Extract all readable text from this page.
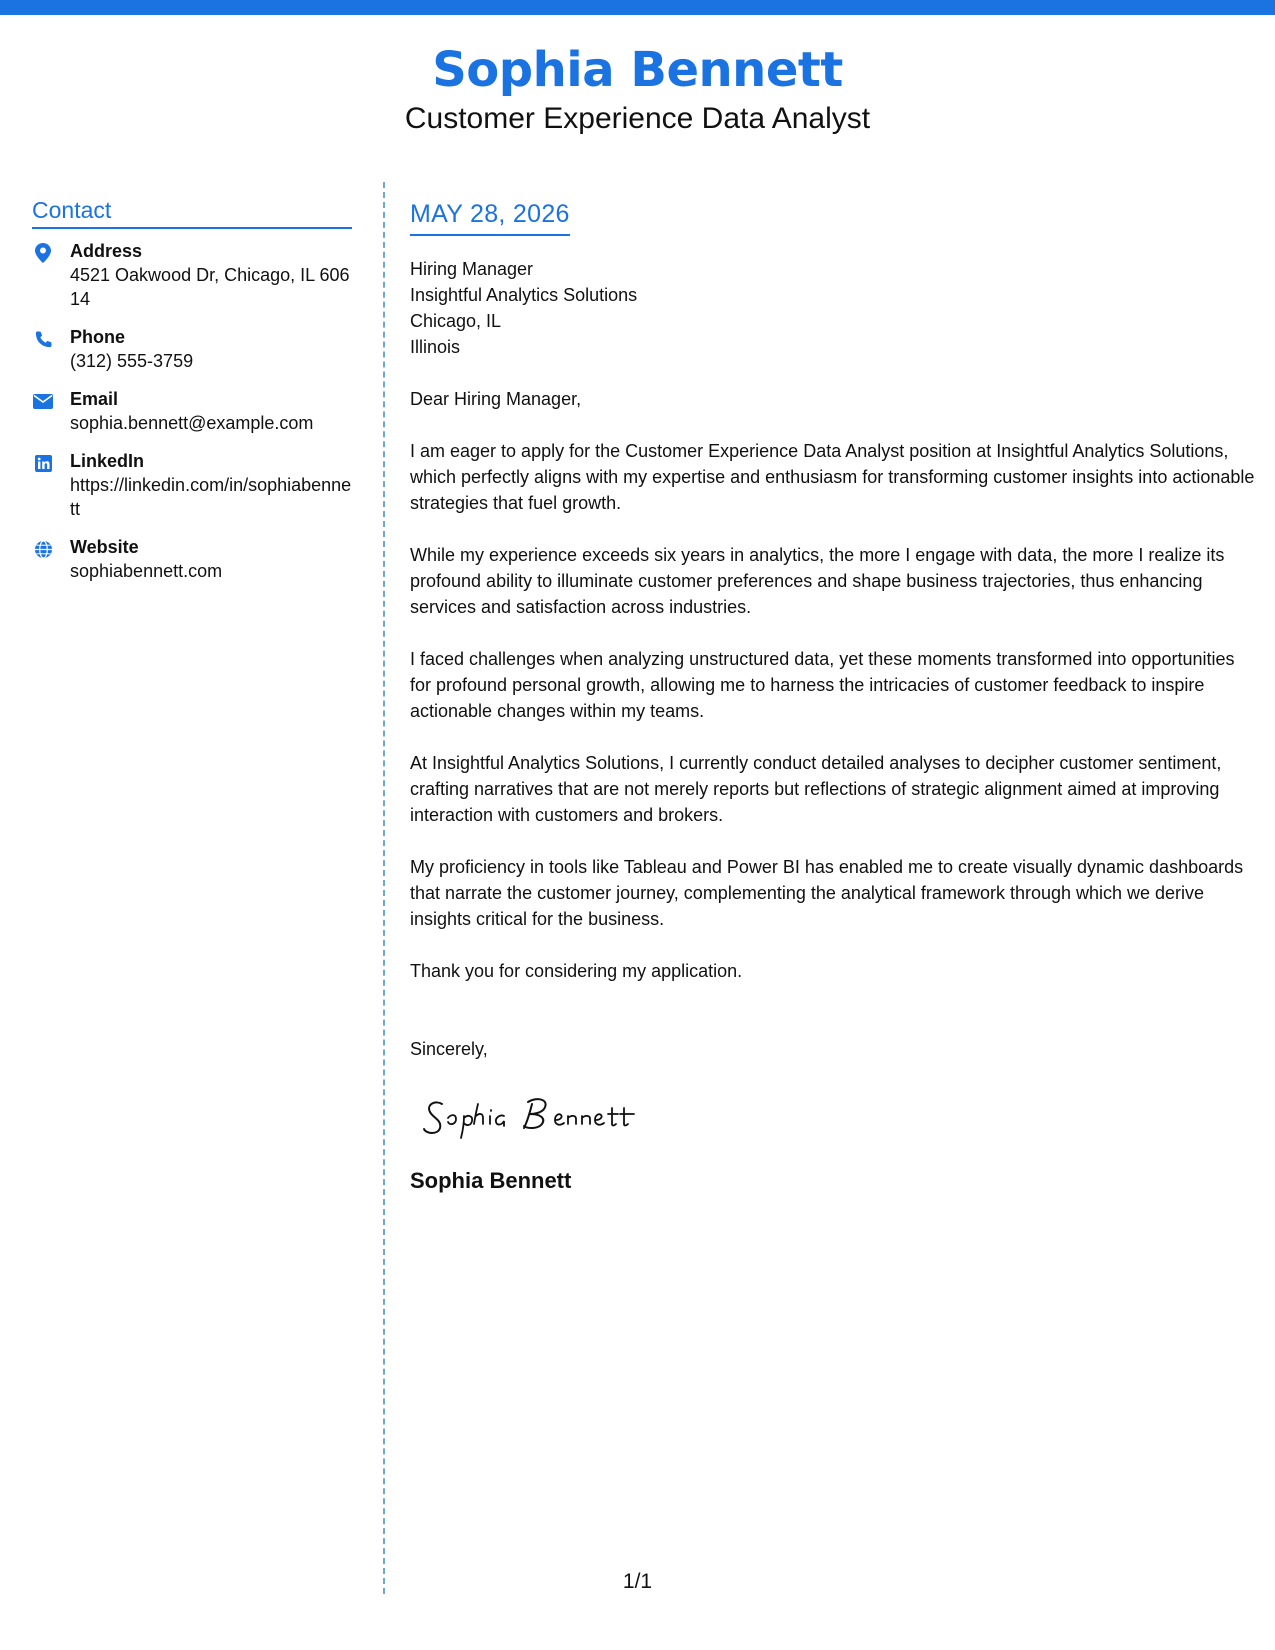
Sophia Bennett
Customer Experience Data Analyst
Contact
Address
4521 Oakwood Dr, Chicago, IL 60614
Phone
(312) 555-3759
Email
sophia.bennett@example.com
LinkedIn
https://linkedin.com/in/sophiabennett
Website
sophiabennett.com
MAY 28, 2026
Hiring Manager
Insightful Analytics Solutions
Chicago, IL
Illinois
Dear Hiring Manager,
I am eager to apply for the Customer Experience Data Analyst position at Insightful Analytics Solutions, which perfectly aligns with my expertise and enthusiasm for transforming customer insights into actionable strategies that fuel growth.
While my experience exceeds six years in analytics, the more I engage with data, the more I realize its profound ability to illuminate customer preferences and shape business trajectories, thus enhancing services and satisfaction across industries.
I faced challenges when analyzing unstructured data, yet these moments transformed into opportunities for profound personal growth, allowing me to harness the intricacies of customer feedback to inspire actionable changes within my teams.
At Insightful Analytics Solutions, I currently conduct detailed analyses to decipher customer sentiment, crafting narratives that are not merely reports but reflections of strategic alignment aimed at improving interaction with customers and brokers.
My proficiency in tools like Tableau and Power BI has enabled me to create visually dynamic dashboards that narrate the customer journey, complementing the analytical framework through which we derive insights critical for the business.
Thank you for considering my application.
Sincerely,
Sophia Bennett
1/1
